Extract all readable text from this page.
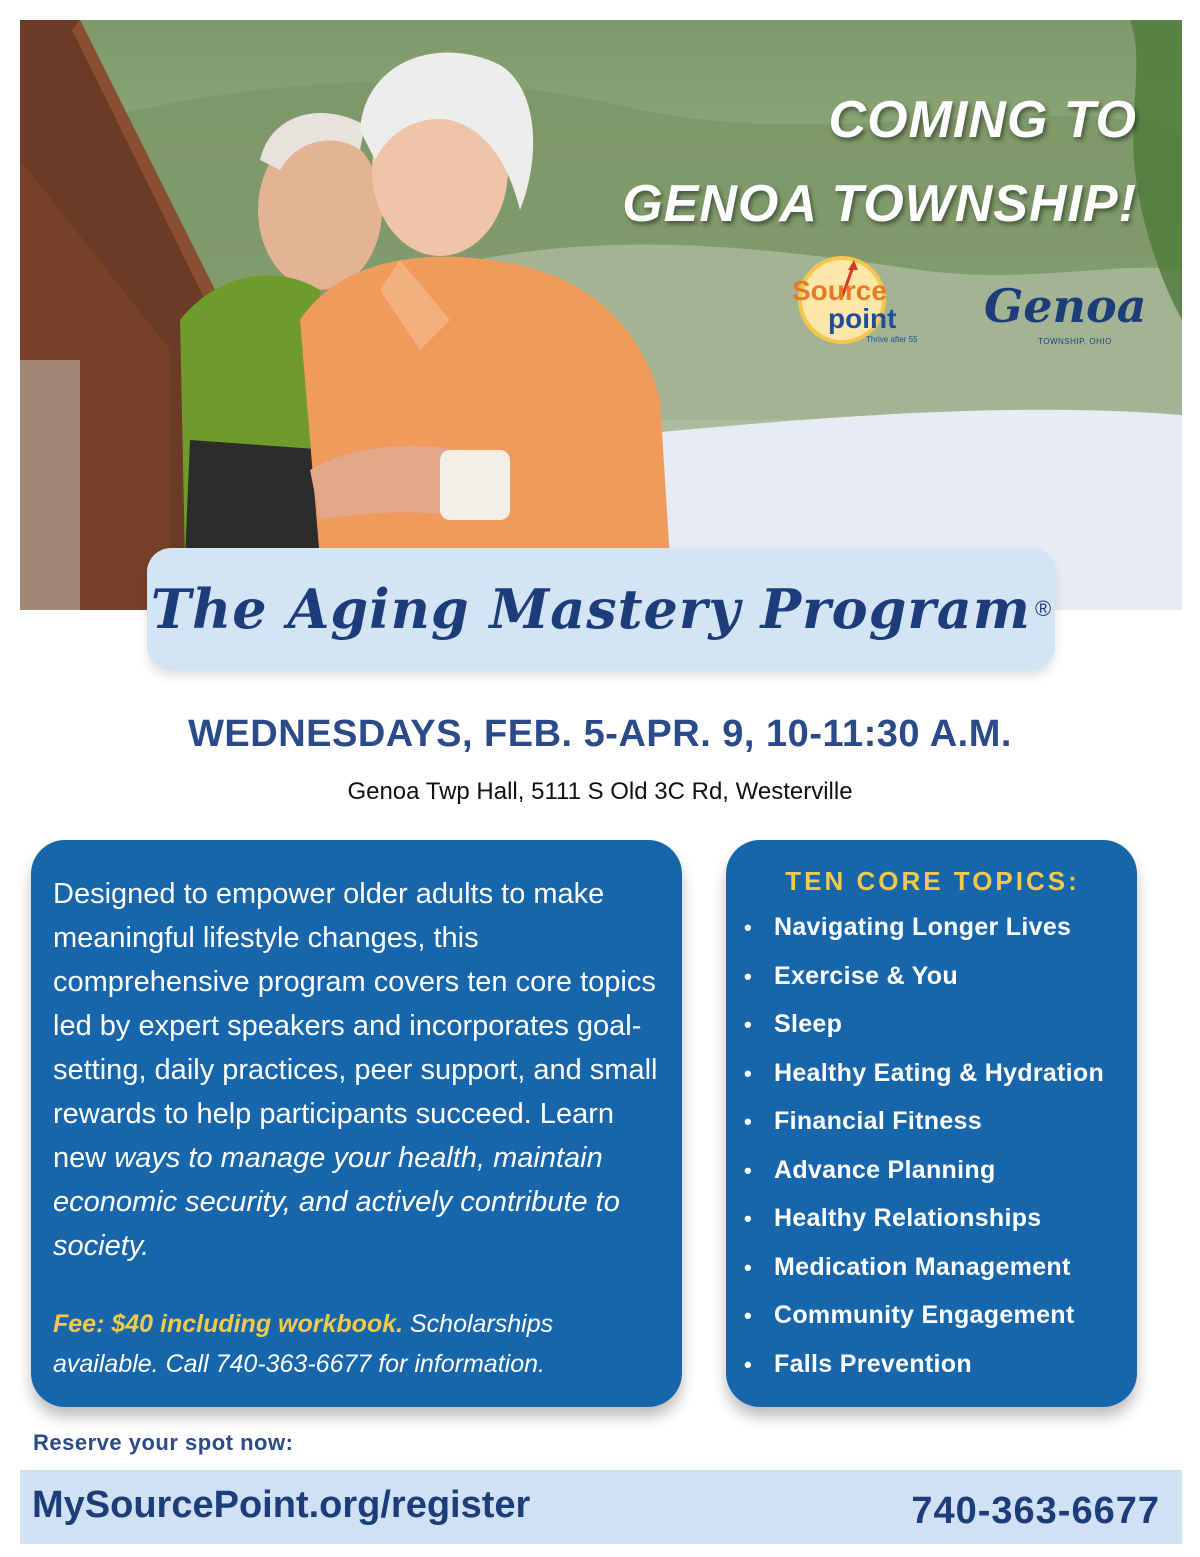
COMING TO
GENOA TOWNSHIP!
Source
point
Thrive after 55
Genoa
TOWNSHIP, OHIO
The Aging Mastery Program ®
WEDNESDAYS, FEB. 5-APR. 9, 10-11:30 A.M.
Genoa Twp Hall, 5111 S Old 3C Rd, Westerville

Designed to empower older adults to make meaningful lifestyle changes, this comprehensive program covers ten core topics led by expert speakers and incorporates goal-setting, daily practices, peer support, and small rewards to help participants succeed. Learn new ways to manage your health, maintain economic security, and actively contribute to society.

Fee: $40 including workbook. Scholarships available. Call 740-363-6677 for information.

TEN CORE TOPICS:
• Navigating Longer Lives
• Exercise & You
• Sleep
• Healthy Eating & Hydration
• Financial Fitness
• Advance Planning
• Healthy Relationships
• Medication Management
• Community Engagement
• Falls Prevention
Reserve your spot now:
MySourcePoint.org/register	740-363-6677
